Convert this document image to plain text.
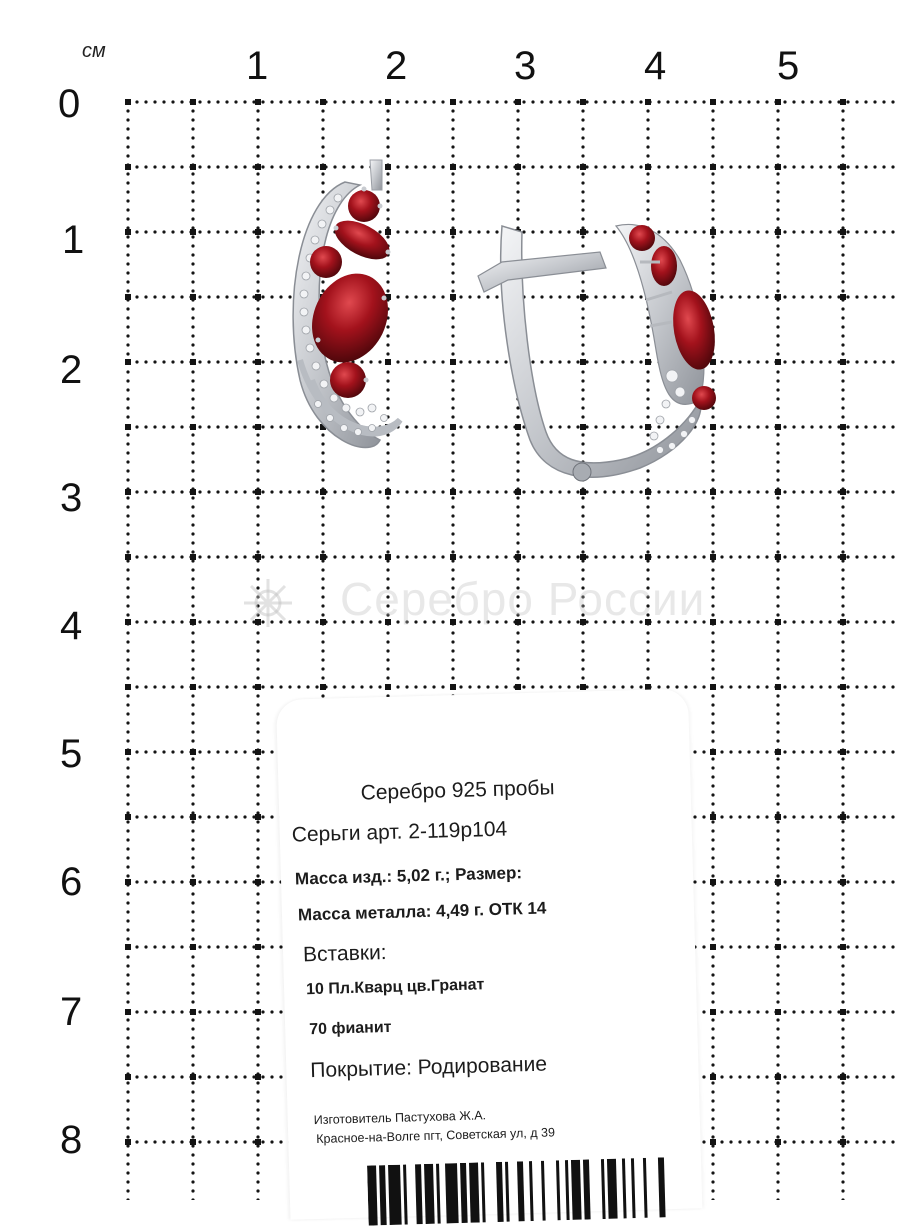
см	1	2	3	4	5
0
1
2
3
4
5
6
7
8
Серебро России
Серебро 925 пробы
Серьги арт. 2-119р104
Масса изд.: 5,02 г.; Размер:
Масса металла: 4,49 г. ОТК 14
Вставки:
10 Пл.Кварц цв.Гранат
70 фианит
Покрытие: Родирование
Изготовитель Пастухова Ж.А.
Красное-на-Волге пгт, Советская ул, д 39
